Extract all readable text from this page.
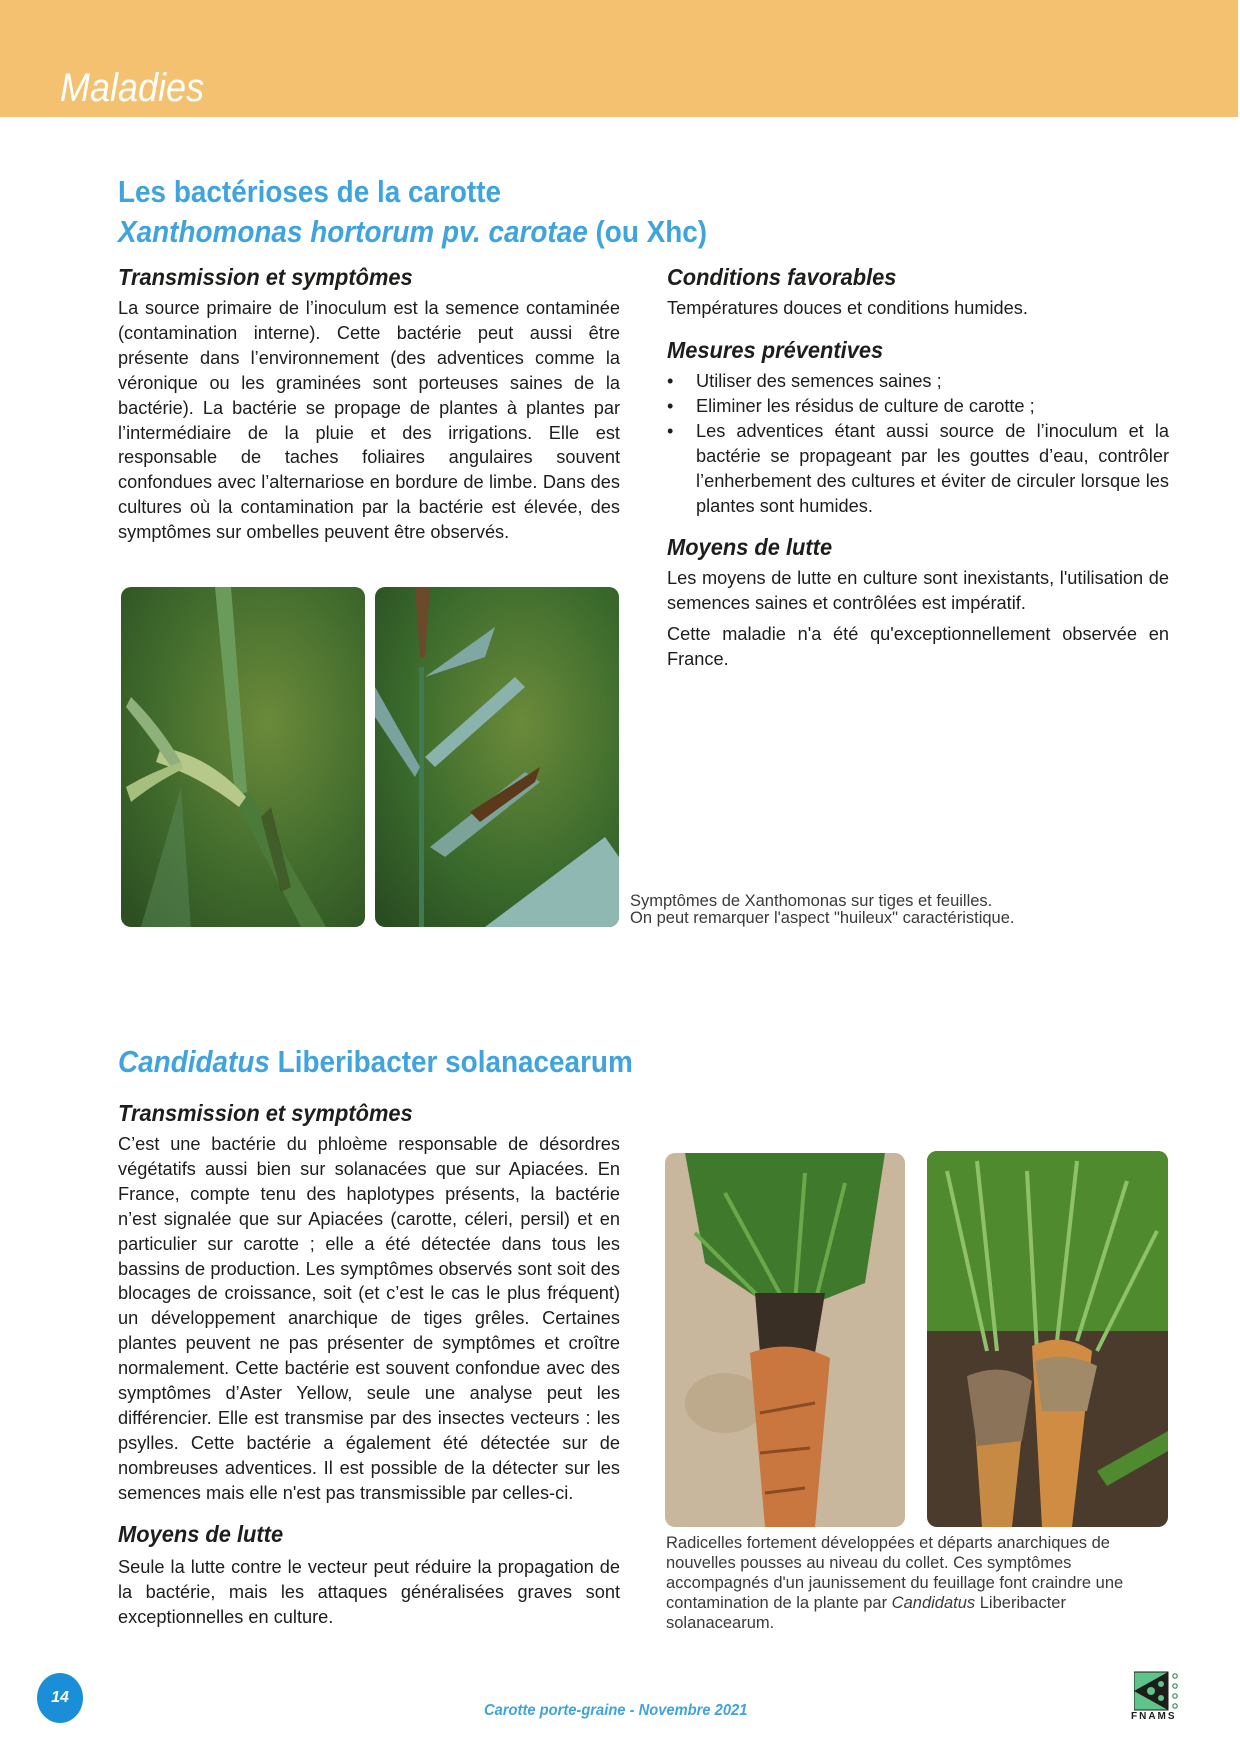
Maladies
Les bactérioses de la carotte
Xanthomonas hortorum pv. carotae (ou Xhc)
Transmission et symptômes

La source primaire de l’inoculum est la semence contaminée (contamination interne). Cette bactérie peut aussi être présente dans l’environnement (des adventices comme la véronique ou les graminées sont porteuses saines de la bactérie). La bactérie se propage de plantes à plantes par l’intermédiaire de la pluie et des irrigations. Elle est responsable de taches foliaires angulaires souvent confondues avec l’alternariose en bordure de limbe. Dans des cultures où la contamination par la bactérie est élevée, des symptômes sur ombelles peuvent être observés.

Conditions favorables

Températures douces et conditions humides.

Mesures préventives
• Utiliser des semences saines ;
• Eliminer les résidus de culture de carotte ;
• Les adventices étant aussi source de l’inoculum et la bactérie se propageant par les gouttes d’eau, contrôler l’enherbement des cultures et éviter de circuler lorsque les plantes sont humides.
Moyens de lutte

Les moyens de lutte en culture sont inexistants, l'utilisation de semences saines et contrôlées est impératif.

Cette maladie n'a été qu'exceptionnellement observée en France.

Symptômes de Xanthomonas sur tiges et feuilles.
On peut remarquer l'aspect "huileux" caractéristique.
Candidatus Liberibacter solanacearum
Transmission et symptômes

C’est une bactérie du phloème responsable de désordres végétatifs aussi bien sur solanacées que sur Apiacées. En France, compte tenu des haplotypes présents, la bactérie n’est signalée que sur Apiacées (carotte, céleri, persil) et en particulier sur carotte ; elle a été détectée dans tous les bassins de production. Les symptômes observés sont soit des blocages de croissance, soit (et c’est le cas le plus fréquent) un développement anarchique de tiges grêles. Certaines plantes peuvent ne pas présenter de symptômes et croître normalement. Cette bactérie est souvent confondue avec des symptômes d’Aster Yellow, seule une analyse peut les différencier. Elle est transmise par des insectes vecteurs : les psylles. Cette bactérie a également été détectée sur de nombreuses adventices. Il est possible de la détecter sur les semences mais elle n'est pas transmissible par celles-ci.

Moyens de lutte

Seule la lutte contre le vecteur peut réduire la propagation de la bactérie, mais les attaques généralisées graves sont exceptionnelles en culture.

Radicelles fortement développées et départs anarchiques de nouvelles pousses au niveau du collet. Ces symptômes accompagnés d'un jaunissement du feuillage font craindre une contamination de la plante par Candidatus Liberibacter solanacearum.
14
Carotte porte-graine - Novembre 2021	FNAMS
